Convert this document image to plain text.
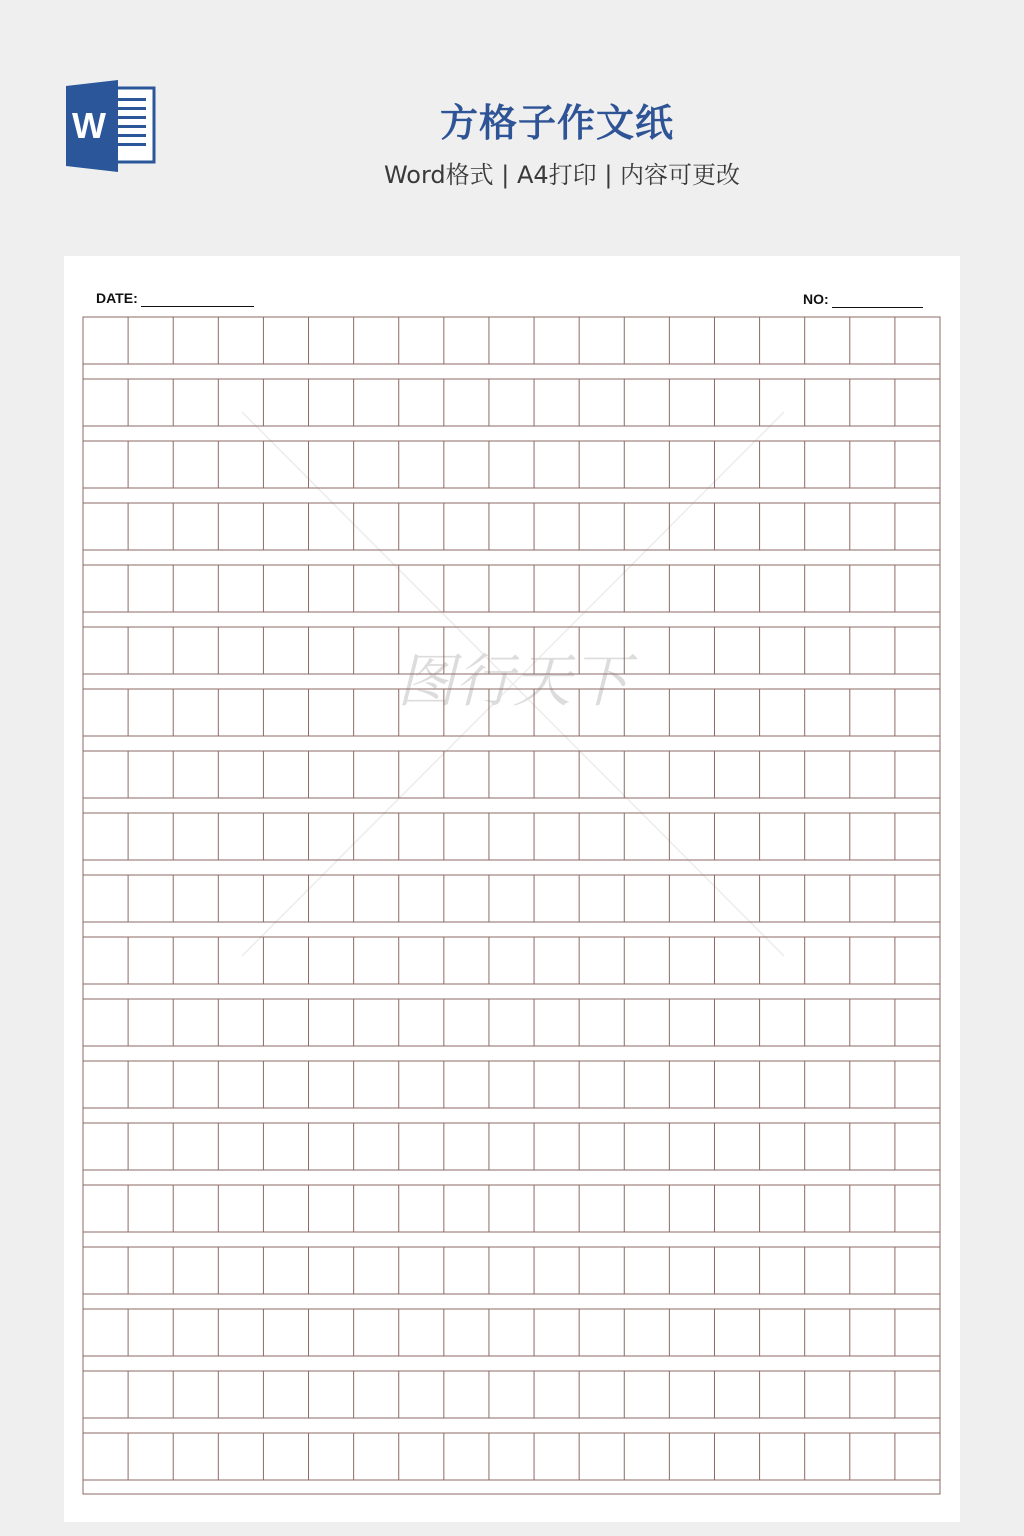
W	方格子作文纸
Word格式 | A4打印 | 内容可更改
DATE:	NO:
图行天下
